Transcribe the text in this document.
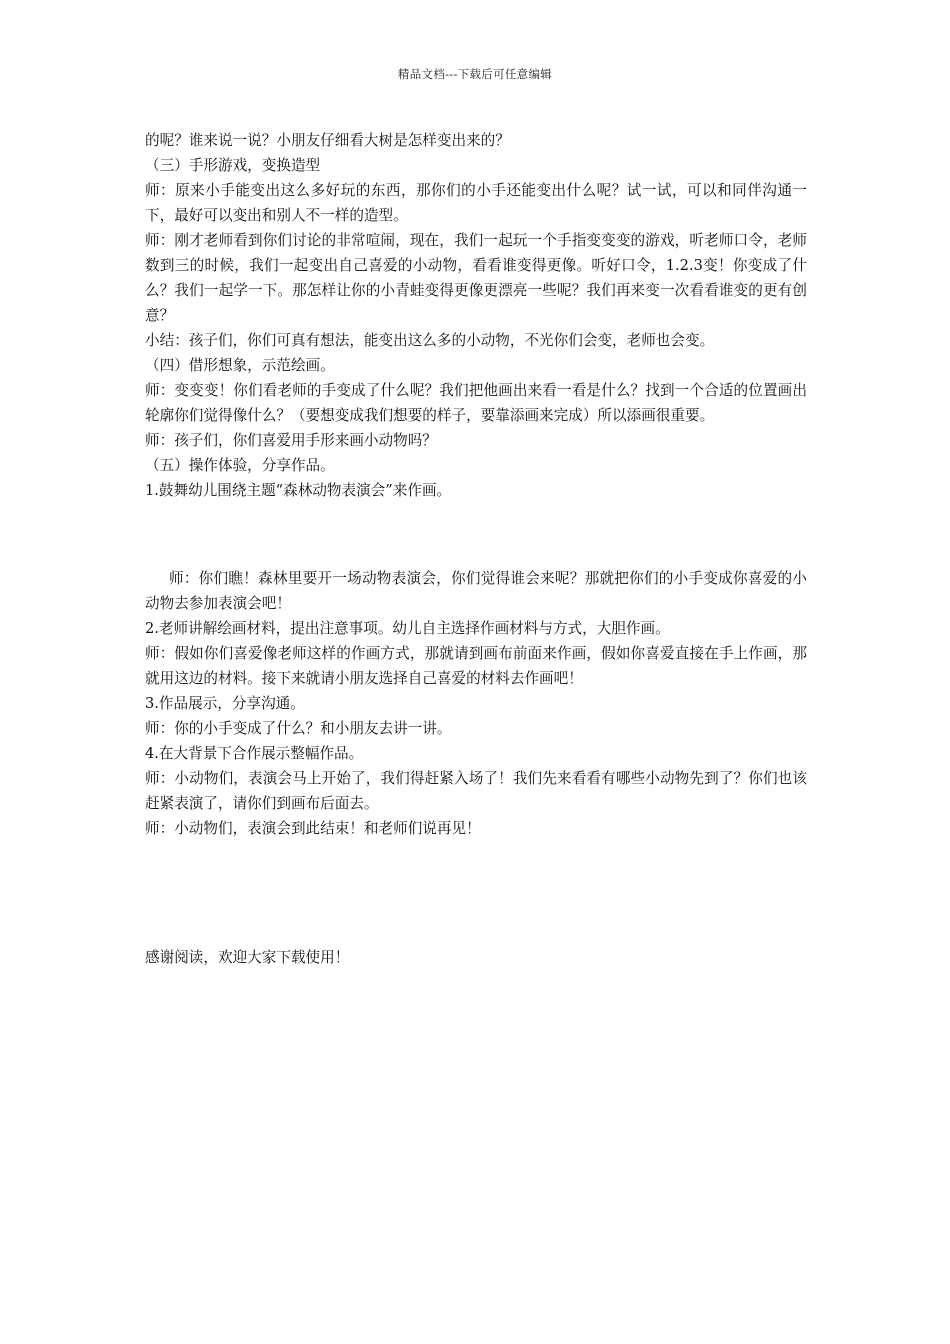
精品文档---下载后可任意编辑

的呢？谁来说一说？小朋友仔细看大树是怎样变出来的？

（三）手形游戏，变换造型

师：原来小手能变出这么多好玩的东西，那你们的小手还能变出什么呢？试一试，可以和同伴沟通一下，最好可以变出和别人不一样的造型。

师：刚才老师看到你们讨论的非常喧闹，现在，我们一起玩一个手指变变变的游戏，听老师口令，老师数到三的时候，我们一起变出自己喜爱的小动物，看看谁变得更像。听好口令，1.2.3变！你变成了什么？我们一起学一下。那怎样让你的小青蛙变得更像更漂亮一些呢？我们再来变一次看看谁变的更有创意？

小结：孩子们，你们可真有想法，能变出这么多的小动物，不光你们会变，老师也会变。

（四）借形想象，示范绘画。

师：变变变！你们看老师的手变成了什么呢？我们把他画出来看一看是什么？找到一个合适的位置画出轮廓你们觉得像什么？（要想变成我们想要的样子，要靠添画来完成）所以添画很重要。

师：孩子们，你们喜爱用手形来画小动物吗？

（五）操作体验，分享作品。

1.鼓舞幼儿围绕主题“森林动物表演会”来作画。

师：你们瞧！森林里要开一场动物表演会，你们觉得谁会来呢？那就把你们的小手变成你喜爱的小动物去参加表演会吧！

2.老师讲解绘画材料，提出注意事项。幼儿自主选择作画材料与方式，大胆作画。

师：假如你们喜爱像老师这样的作画方式，那就请到画布前面来作画，假如你喜爱直接在手上作画，那就用这边的材料。接下来就请小朋友选择自己喜爱的材料去作画吧！

3.作品展示，分享沟通。

师：你的小手变成了什么？和小朋友去讲一讲。

4.在大背景下合作展示整幅作品。

师：小动物们，表演会马上开始了，我们得赶紧入场了！我们先来看看有哪些小动物先到了？你们也该赶紧表演了，请你们到画布后面去。

师：小动物们，表演会到此结束！和老师们说再见！

感谢阅读，欢迎大家下载使用！
